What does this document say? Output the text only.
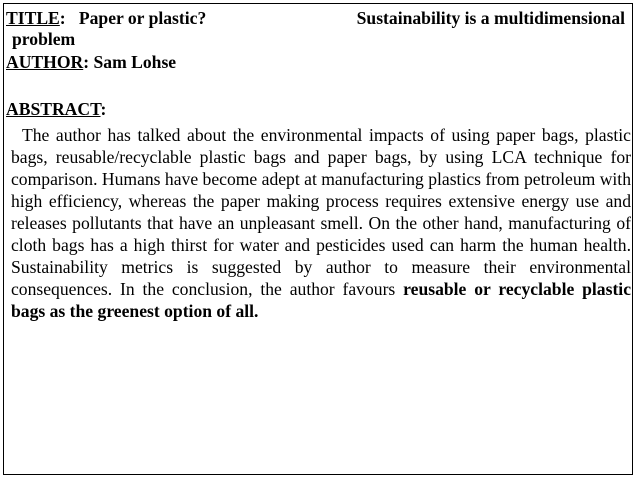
TITLE: Paper or plastic?	Sustainability is a multidimensional
problem
AUTHOR: Sam Lohse
ABSTRACT:
The author has talked about the environmental impacts of using paper bags, plastic bags, reusable/recyclable plastic bags and paper bags, by using LCA technique for comparison. Humans have become adept at manufacturing plastics from petroleum with high efficiency, whereas the paper making process requires extensive energy use and releases pollutants that have an unpleasant smell. On the other hand, manufacturing of cloth bags has a high thirst for water and pesticides used can harm the human health. Sustainability metrics is suggested by author to measure their environmental consequences. In the conclusion, the author favours reusable or recyclable plastic bags as the greenest option of all.
